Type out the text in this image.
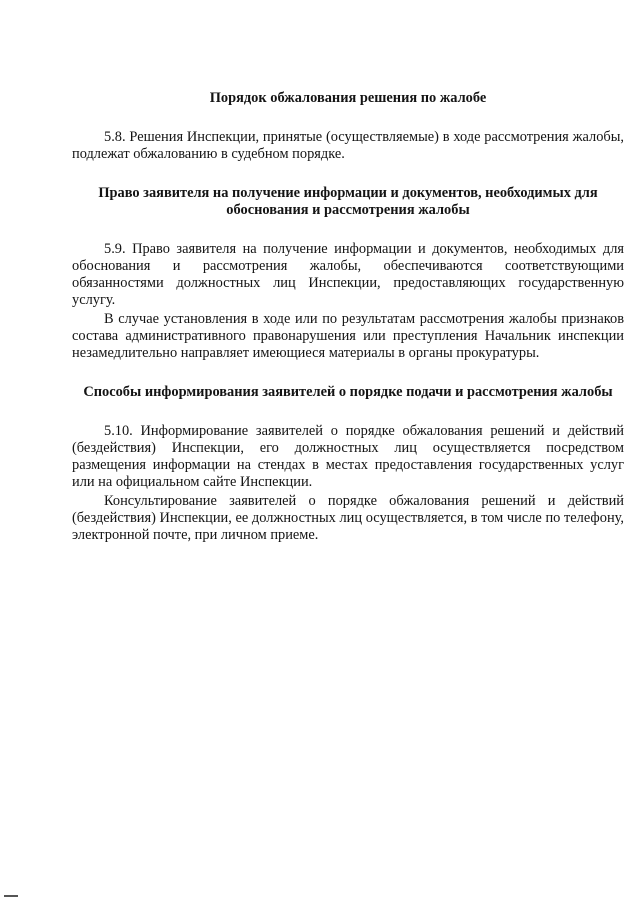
Порядок обжалования решения по жалобе

5.8. Решения Инспекции, принятые (осуществляемые) в ходе рассмотрения жалобы, подлежат обжалованию в судебном порядке.

Право заявителя на получение информации и документов, необходимых для обоснования и рассмотрения жалобы

5.9. Право заявителя на получение информации и документов, необходимых для обоснования и рассмотрения жалобы, обеспечиваются соответствующими обязанностями должностных лиц Инспекции, предоставляющих государственную услугу.

В случае установления в ходе или по результатам рассмотрения жалобы признаков состава административного правонарушения или преступления Начальник инспекции незамедлительно направляет имеющиеся материалы в органы прокуратуры.

Способы информирования заявителей о порядке подачи и рассмотрения жалобы

5.10. Информирование заявителей о порядке обжалования решений и действий (бездействия) Инспекции, его должностных лиц осуществляется посредством размещения информации на стендах в местах предоставления государственных услуг или на официальном сайте Инспекции.

Консультирование заявителей о порядке обжалования решений и действий (бездействия) Инспекции, ее должностных лиц осуществляется, в том числе по телефону, электронной почте, при личном приеме.
